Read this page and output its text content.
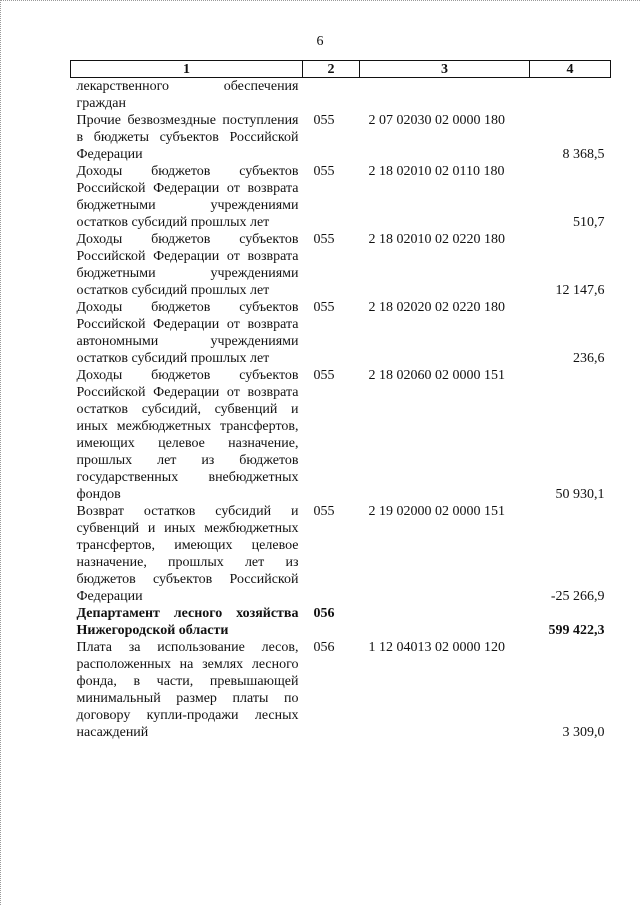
6
1	2	3	4
лекарственного обеспечения граждан			
Прочие безвозмездные поступления в бюджеты субъектов Российской Федерации	055	2 07 02030 02 0000 180	8 368,5
Доходы бюджетов субъектов Российской Федерации от возврата бюджетными учреждениями остатков субсидий прошлых лет	055	2 18 02010 02 0110 180	510,7
Доходы бюджетов субъектов Российской Федерации от возврата бюджетными учреждениями остатков субсидий прошлых лет	055	2 18 02010 02 0220 180	12 147,6
Доходы бюджетов субъектов Российской Федерации от возврата автономными учреждениями остатков субсидий прошлых лет	055	2 18 02020 02 0220 180	236,6
Доходы бюджетов субъектов Российской Федерации от возврата остатков субсидий, субвенций и иных межбюджетных трансфертов, имеющих целевое назначение, прошлых лет из бюджетов государственных внебюджетных фондов	055	2 18 02060 02 0000 151	50 930,1
Возврат остатков субсидий и субвенций и иных межбюджетных трансфертов, имеющих целевое назначение, прошлых лет из бюджетов субъектов Российской Федерации	055	2 19 02000 02 0000 151	-25 266,9
Департамент лесного хозяйства Нижегородской области	056		599 422,3
Плата за использование лесов, расположенных на землях лесного фонда, в части, превышающей минимальный размер платы по договору купли-продажи лесных насаждений	056	1 12 04013 02 0000 120	3 309,0
